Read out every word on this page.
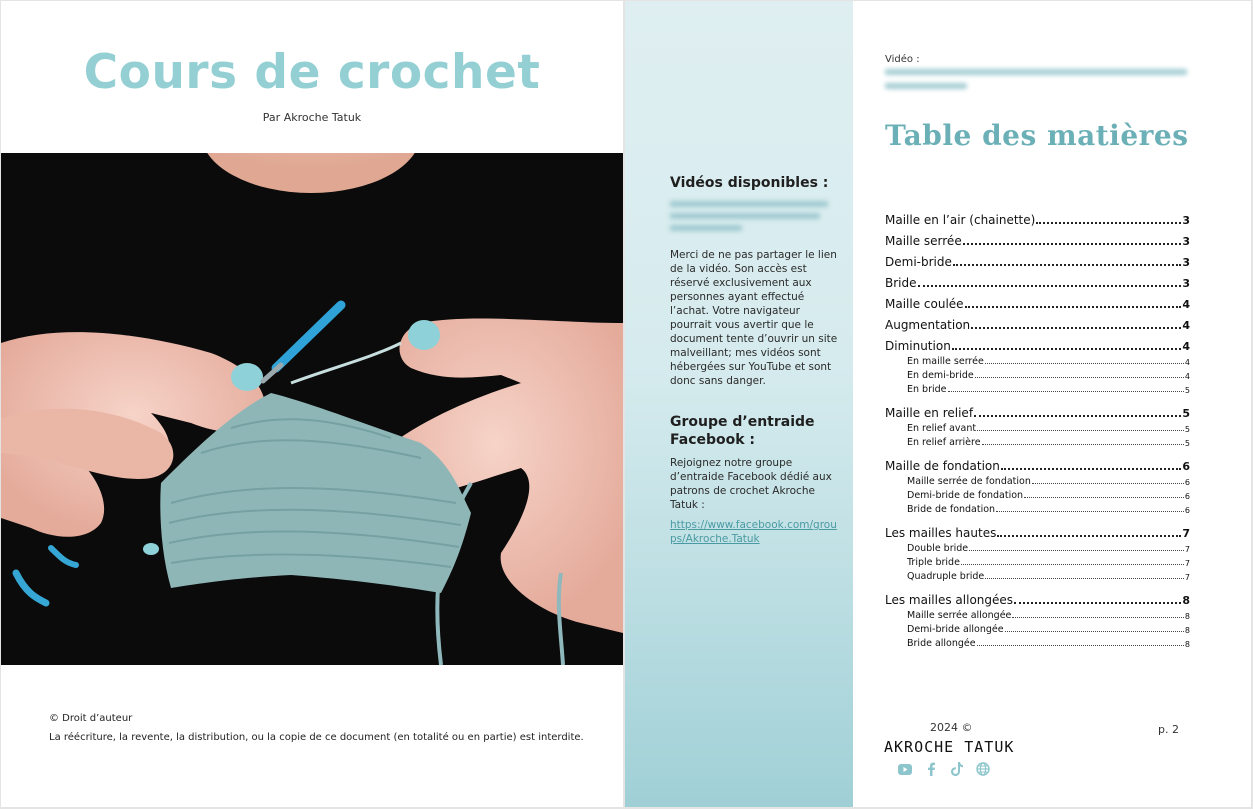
Cours de crochet
Par Akroche Tatuk
© Droit d’auteur
La réécriture, la revente, la distribution, ou la copie de ce document (en totalité ou en partie) est interdite.
Vidéos disponibles :
Merci de ne pas partager le lien de la vidéo. Son accès est réservé exclusivement aux personnes ayant effectué l’achat. Votre navigateur pourrait vous avertir que le document tente d’ouvrir un site malveillant; mes vidéos sont hébergées sur YouTube et sont donc sans danger.
Groupe d’entraide Facebook :
Rejoignez notre groupe d’entraide Facebook dédié aux patrons de crochet Akroche Tatuk :
https://www.facebook.com/groups/Akroche.Tatuk
Vidéo :
Table des matières
Maille en l’air (chainette)	3
Maille serrée	3
Demi-bride	3
Bride	3
Maille coulée	4
Augmentation	4
Diminution	4
En maille serrée	4
En demi-bride	4
En bride	5
Maille en relief	5
En relief avant	5
En relief arrière	5
Maille de fondation	6
Maille serrée de fondation	6
Demi-bride de fondation	6
Bride de fondation	6
Les mailles hautes	7
Double bride	7
Triple bride	7
Quadruple bride	7
Les mailles allongées	8
Maille serrée allongée	8
Demi-bride allongée	8
Bride allongée	8
2024 ©
AKROCHE TATUK
p. 2
